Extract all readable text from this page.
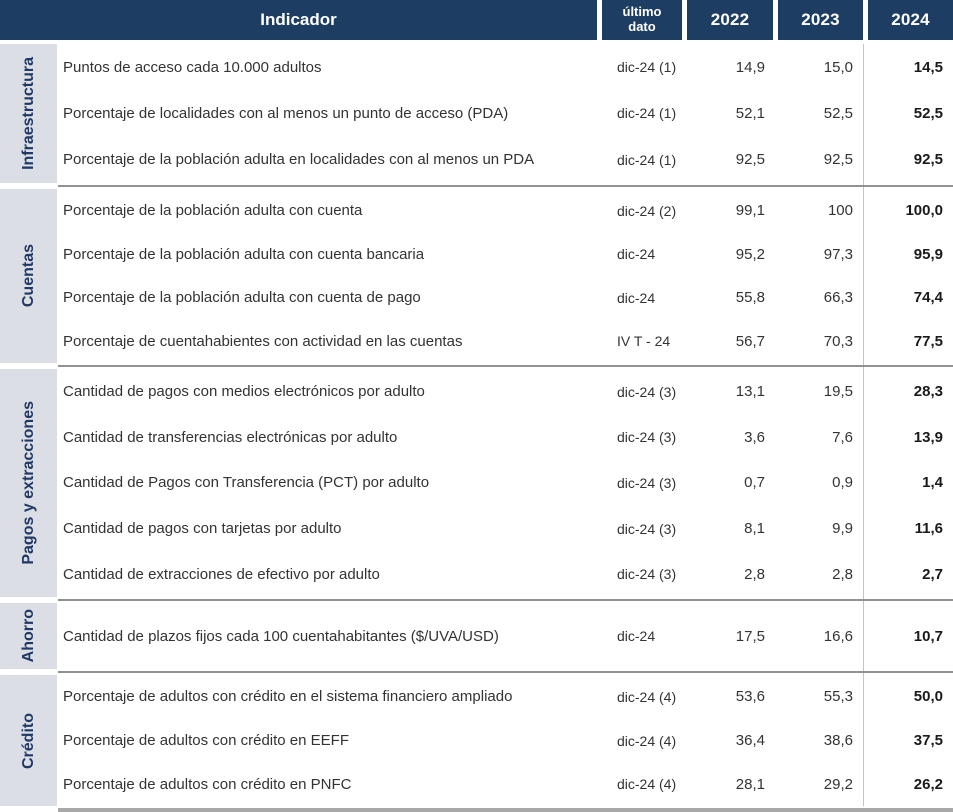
Indicador	último dato	2022	2023	2024
Infraestructura	Puntos de acceso cada 10.000 adultos	dic-24 (1)	14,9	15,0	14,5
Porcentaje de localidades con al menos un punto de acceso (PDA)	dic-24 (1)	52,1	52,5	52,5
Porcentaje de la población adulta en localidades con al menos un PDA	dic-24 (1)	92,5	92,5	92,5
Cuentas
Porcentaje de la población adulta con cuenta	dic-24 (2)	99,1	100	100,0
Porcentaje de la población adulta con cuenta bancaria	dic-24	95,2	97,3	95,9
Porcentaje de la población adulta con cuenta de pago	dic-24	55,8	66,3	74,4
Porcentaje de cuentahabientes con actividad en las cuentas	IV T - 24	56,7	70,3	77,5
Pagos y extracciones
Cantidad de pagos con medios electrónicos por adulto	dic-24 (3)	13,1	19,5	28,3
Cantidad de transferencias electrónicas por adulto	dic-24 (3)	3,6	7,6	13,9
Cantidad de Pagos con Transferencia (PCT) por adulto	dic-24 (3)	0,7	0,9	1,4
Cantidad de pagos con tarjetas por adulto	dic-24 (3)	8,1	9,9	11,6
Cantidad de extracciones de efectivo por adulto	dic-24 (3)	2,8	2,8	2,7
Ahorro	Cantidad de plazos fijos cada 100 cuentahabitantes ($/UVA/USD)	dic-24	17,5	16,6	10,7
Crédito
Porcentaje de adultos con crédito en el sistema financiero ampliado	dic-24 (4)	53,6	55,3	50,0
Porcentaje de adultos con crédito en EEFF	dic-24 (4)	36,4	38,6	37,5
Porcentaje de adultos con crédito en PNFC	dic-24 (4)	28,1	29,2	26,2
